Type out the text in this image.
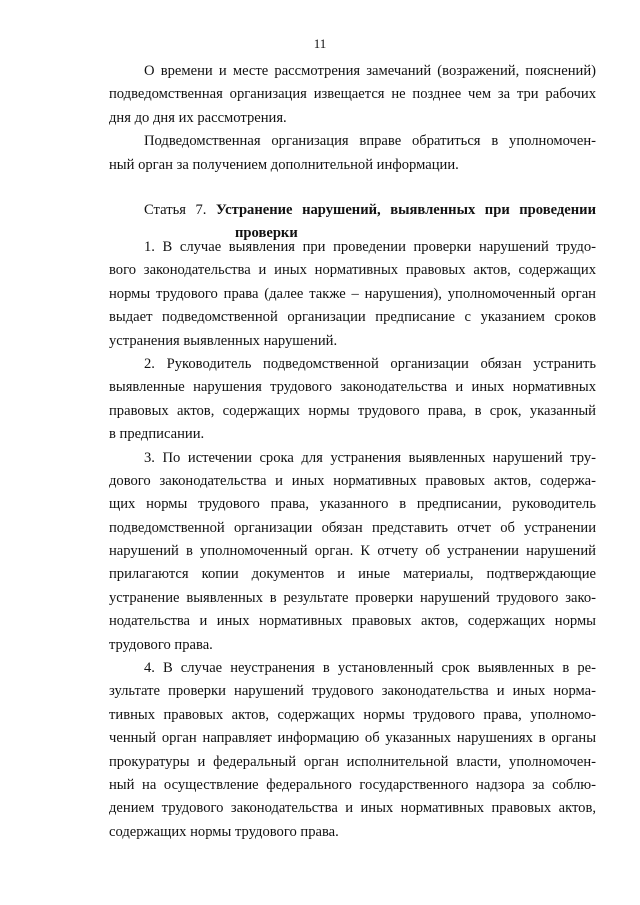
11
О времени и месте рассмотрения замечаний (возражений, пояснений)
подведомственная организация извещается не позднее чем за три рабочих
дня до дня их рассмотрения.
Подведомственная организация вправе обратиться в уполномочен-
ный орган за получением дополнительной информации.
Статья 7. Устранение нарушений, выявленных при проведении
проверки
1. В случае выявления при проведении проверки нарушений трудо-
вого законодательства и иных нормативных правовых актов, содержащих
нормы трудового права (далее также – нарушения), уполномоченный орган
выдает подведомственной организации предписание с указанием сроков
устранения выявленных нарушений.
2. Руководитель подведомственной организации обязан устранить
выявленные нарушения трудового законодательства и иных нормативных
правовых актов, содержащих нормы трудового права, в срок, указанный
в предписании.
3. По истечении срока для устранения выявленных нарушений тру-
дового законодательства и иных нормативных правовых актов, содержа-
щих нормы трудового права, указанного в предписании, руководитель
подведомственной организации обязан представить отчет об устранении
нарушений в уполномоченный орган. К отчету об устранении нарушений
прилагаются копии документов и иные материалы, подтверждающие
устранение выявленных в результате проверки нарушений трудового зако-
нодательства и иных нормативных правовых актов, содержащих нормы
трудового права.
4. В случае неустранения в установленный срок выявленных в ре-
зультате проверки нарушений трудового законодательства и иных норма-
тивных правовых актов, содержащих нормы трудового права, уполномо-
ченный орган направляет информацию об указанных нарушениях в органы
прокуратуры и федеральный орган исполнительной власти, уполномочен-
ный на осуществление федерального государственного надзора за соблю-
дением трудового законодательства и иных нормативных правовых актов,
содержащих нормы трудового права.
